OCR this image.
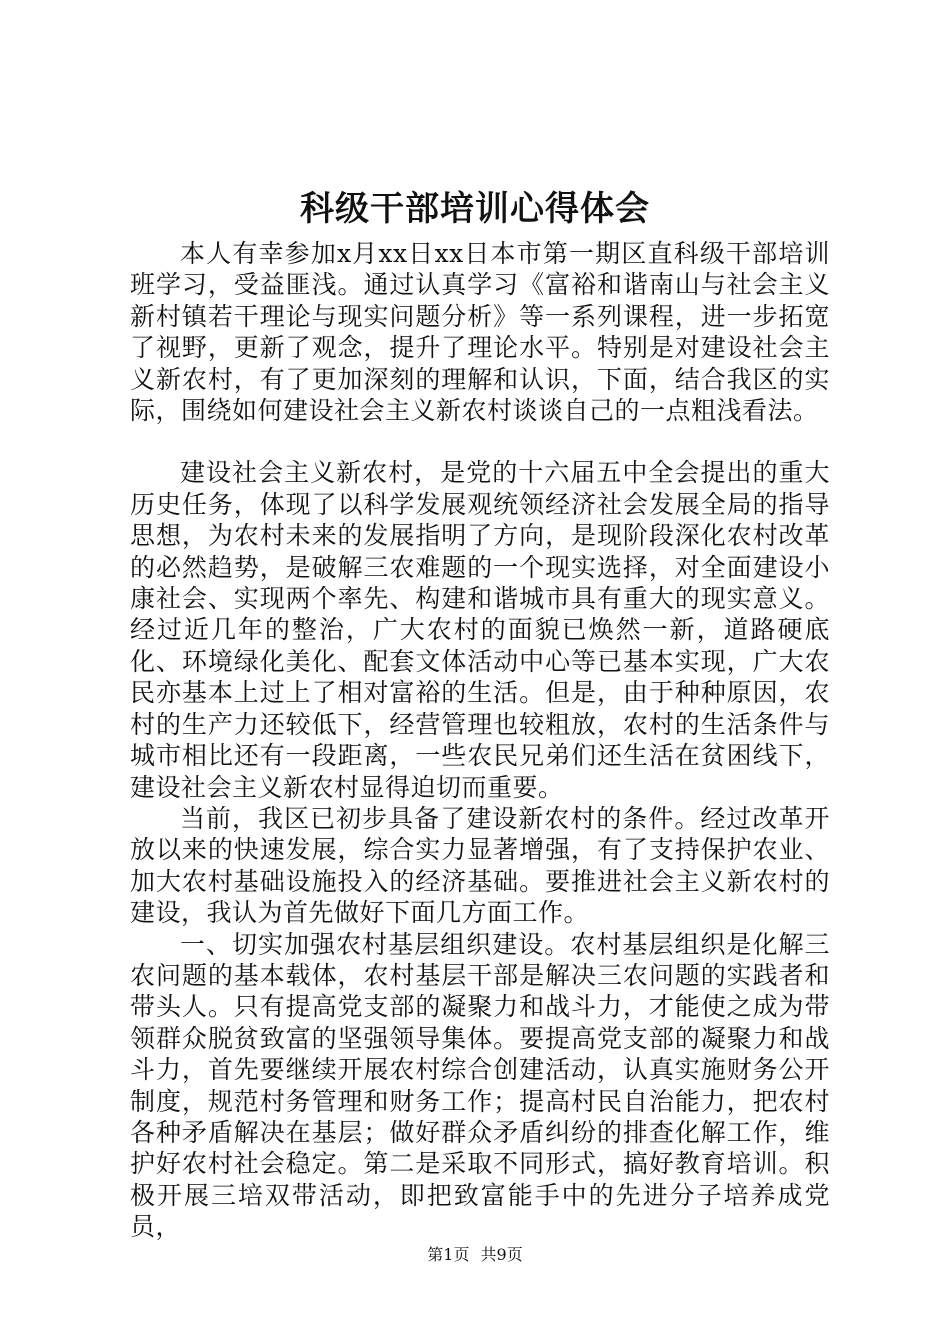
科级干部培训心得体会

本人有幸参加x月xx日xx日本市第一期区直科级干部培训班学习，受益匪浅。通过认真学习《富裕和谐南山与社会主义新村镇若干理论与现实问题分析》等一系列课程，进一步拓宽了视野，更新了观念，提升了理论水平。特别是对建设社会主义新农村，有了更加深刻的理解和认识，下面，结合我区的实际，围绕如何建设社会主义新农村谈谈自己的一点粗浅看法。

建设社会主义新农村，是党的十六届五中全会提出的重大历史任务，体现了以科学发展观统领经济社会发展全局的指导思想，为农村未来的发展指明了方向，是现阶段深化农村改革的必然趋势，是破解三农难题的一个现实选择，对全面建设小康社会、实现两个率先、构建和谐城市具有重大的现实意义。经过近几年的整治，广大农村的面貌已焕然一新，道路硬底化、环境绿化美化、配套文体活动中心等已基本实现，广大农民亦基本上过上了相对富裕的生活。但是，由于种种原因，农村的生产力还较低下，经营管理也较粗放，农村的生活条件与城市相比还有一段距离，一些农民兄弟们还生活在贫困线下，建设社会主义新农村显得迫切而重要。

当前，我区已初步具备了建设新农村的条件。经过改革开放以来的快速发展，综合实力显著增强，有了支持保护农业、加大农村基础设施投入的经济基础。要推进社会主义新农村的建设，我认为首先做好下面几方面工作。

一、切实加强农村基层组织建设。农村基层组织是化解三农问题的基本载体，农村基层干部是解决三农问题的实践者和带头人。只有提高党支部的凝聚力和战斗力，才能使之成为带领群众脱贫致富的坚强领导集体。要提高党支部的凝聚力和战斗力，首先要继续开展农村综合创建活动，认真实施财务公开制度，规范村务管理和财务工作；提高村民自治能力，把农村各种矛盾解决在基层；做好群众矛盾纠纷的排查化解工作，维护好农村社会稳定。第二是采取不同形式，搞好教育培训。积极开展三培双带活动，即把致富能手中的先进分子培养成党员，

第1页 共9页
